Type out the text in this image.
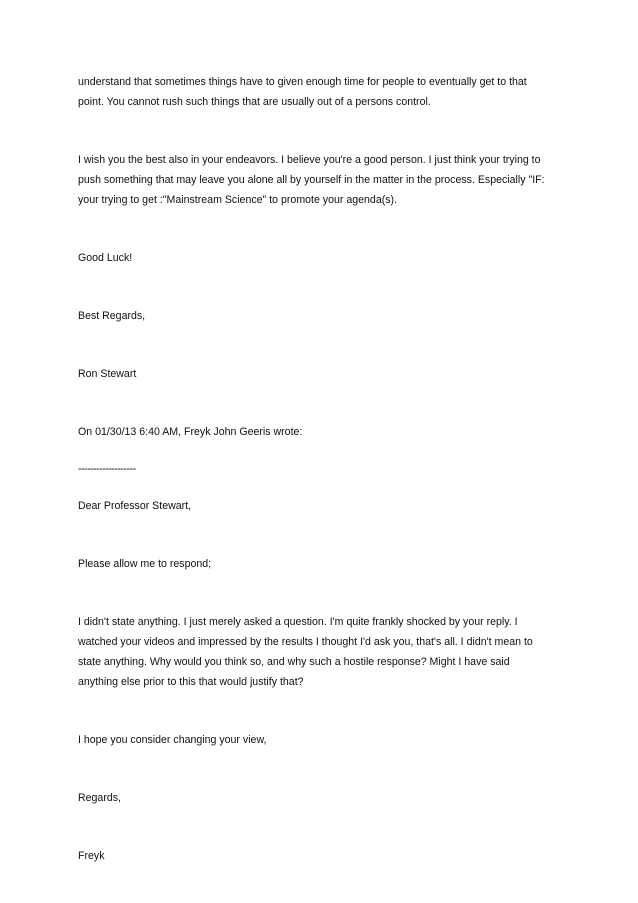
understand that sometimes things have to given enough time for people to eventually get to that
point. You cannot rush such things that are usually out of a persons control.

I wish you the best also in your endeavors. I believe you're a good person. I just think your trying to
push something that may leave you alone all by yourself in the matter in the process. Especially "IF:
your trying to get :"Mainstream Science" to promote your agenda(s).

Good Luck!

Best Regards,

Ron Stewart

On 01/30/13 6:40 AM, Freyk John Geeris wrote:

-------------------

Dear Professor Stewart,

Please allow me to respond;

I didn't state anything. I just merely asked a question. I'm quite frankly shocked by your reply. I
watched your videos and impressed by the results I thought I'd ask you, that's all. I didn't mean to
state anything. Why would you think so, and why such a hostile response? Might I have said
anything else prior to this that would justify that?

I hope you consider changing your view,

Regards,

Freyk
